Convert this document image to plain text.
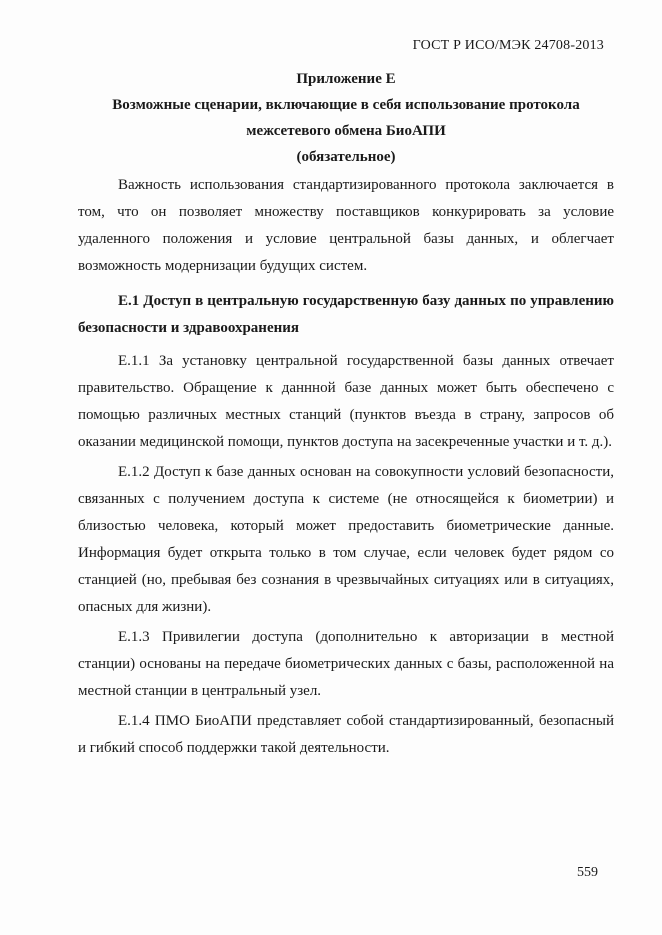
ГОСТ Р ИСО/МЭК 24708-2013
Приложение Е
Возможные сценарии, включающие в себя использование протокола
межсетевого обмена БиоАПИ
(обязательное)

Важность использования стандартизированного протокола заключается в том, что он позволяет множеству поставщиков конкурировать за условие удаленного положения и условие центральной базы данных, и облегчает возможность модернизации будущих систем.

Е.1 Доступ в центральную государственную базу данных по управлению безопасности и здравоохранения

Е.1.1 За установку центральной государственной базы данных отвечает правительство. Обращение к даннной базе данных может быть обеспечено с помощью различных местных станций (пунктов въезда в страну, запросов об оказании медицинской помощи, пунктов доступа на засекреченные участки и т. д.).

Е.1.2 Доступ к базе данных основан на совокупности условий безопасности, связанных с получением доступа к системе (не относящейся к биометрии) и близостью человека, который может предоставить биометрические данные. Информация будет открыта только в том случае, если человек будет рядом со станцией (но, пребывая без сознания в чрезвычайных ситуациях или в ситуациях, опасных для жизни).

Е.1.3 Привилегии доступа (дополнительно к авторизации в местной станции) основаны на передаче биометрических данных с базы, расположенной на местной станции в центральный узел.

Е.1.4 ПМО БиоАПИ представляет собой стандартизированный, безопасный и гибкий способ поддержки такой деятельности.

559
